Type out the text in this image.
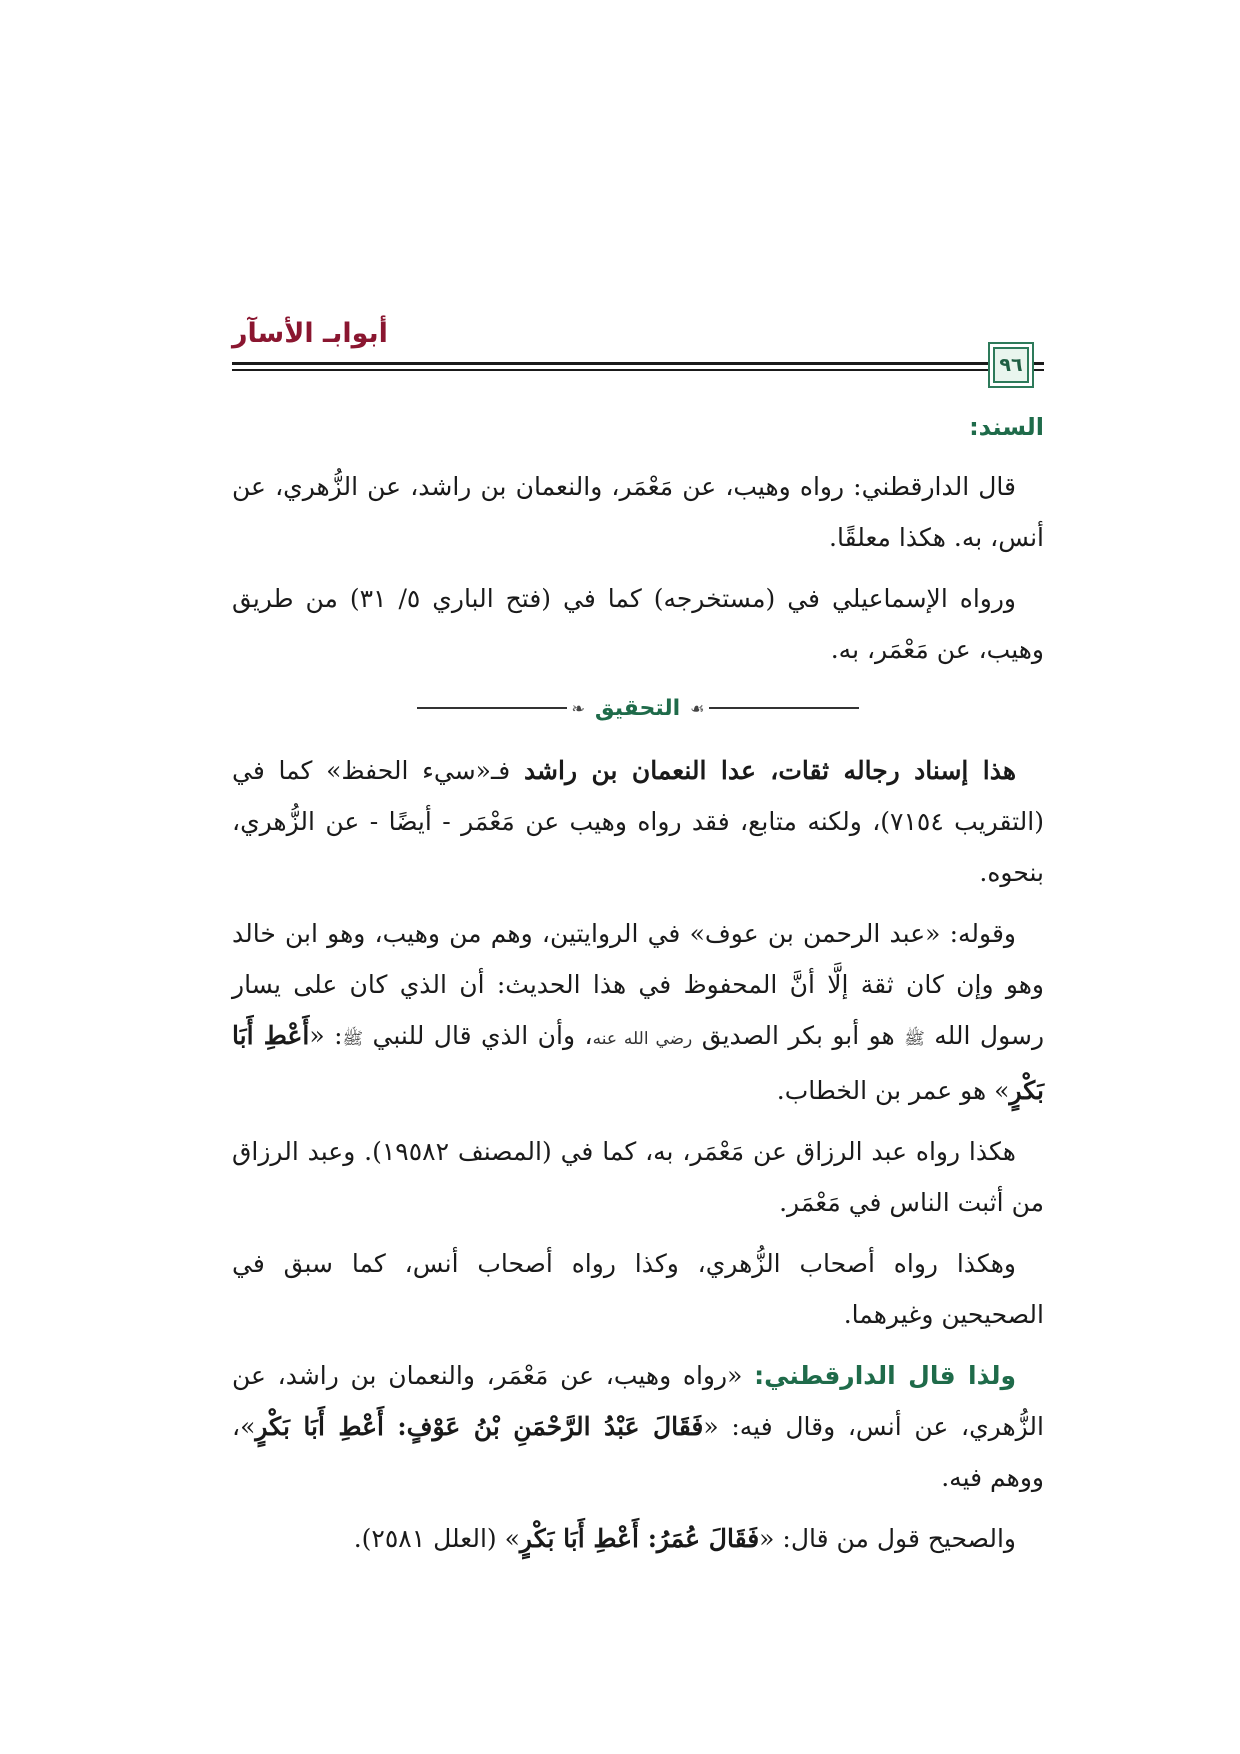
أبوابـ الأسآر
٩٦
السند:

قال الدارقطني: رواه وهيب، عن مَعْمَر، والنعمان بن راشد، عن الزُّهري، عن أنس، به. هكذا معلقًا.

ورواه الإسماعيلي في (مستخرجه) كما في (فتح الباري ٥/ ٣١) من طريق وهيب، عن مَعْمَر، به.

❧ التحقيق ☙

هذا إسناد رجاله ثقات، عدا النعمان بن راشد فـ«سيء الحفظ» كما في (التقريب ٧١٥٤)، ولكنه متابع، فقد رواه وهيب عن مَعْمَر - أيضًا - عن الزُّهري، بنحوه.

وقوله: «عبد الرحمن بن عوف» في الروايتين، وهم من وهيب، وهو ابن خالد وهو وإن كان ثقة إلَّا أنَّ المحفوظ في هذا الحديث: أن الذي كان على يسار رسول الله ﷺ هو أبو بكر الصديق رضي الله عنه، وأن الذي قال للنبي ﷺ: «أَعْطِ أَبَا بَكْرٍ» هو عمر بن الخطاب.

هكذا رواه عبد الرزاق عن مَعْمَر، به، كما في (المصنف ١٩٥٨٢). وعبد الرزاق من أثبت الناس في مَعْمَر.

وهكذا رواه أصحاب الزُّهري، وكذا رواه أصحاب أنس، كما سبق في الصحيحين وغيرهما.

ولذا قال الدارقطني: «رواه وهيب، عن مَعْمَر، والنعمان بن راشد، عن الزُّهري، عن أنس، وقال فيه: «فَقَالَ عَبْدُ الرَّحْمَنِ بْنُ عَوْفٍ: أَعْطِ أَبَا بَكْرٍ»، ووهم فيه.

والصحيح قول من قال: «فَقَالَ عُمَرُ: أَعْطِ أَبَا بَكْرٍ» (العلل ٢٥٨١).
